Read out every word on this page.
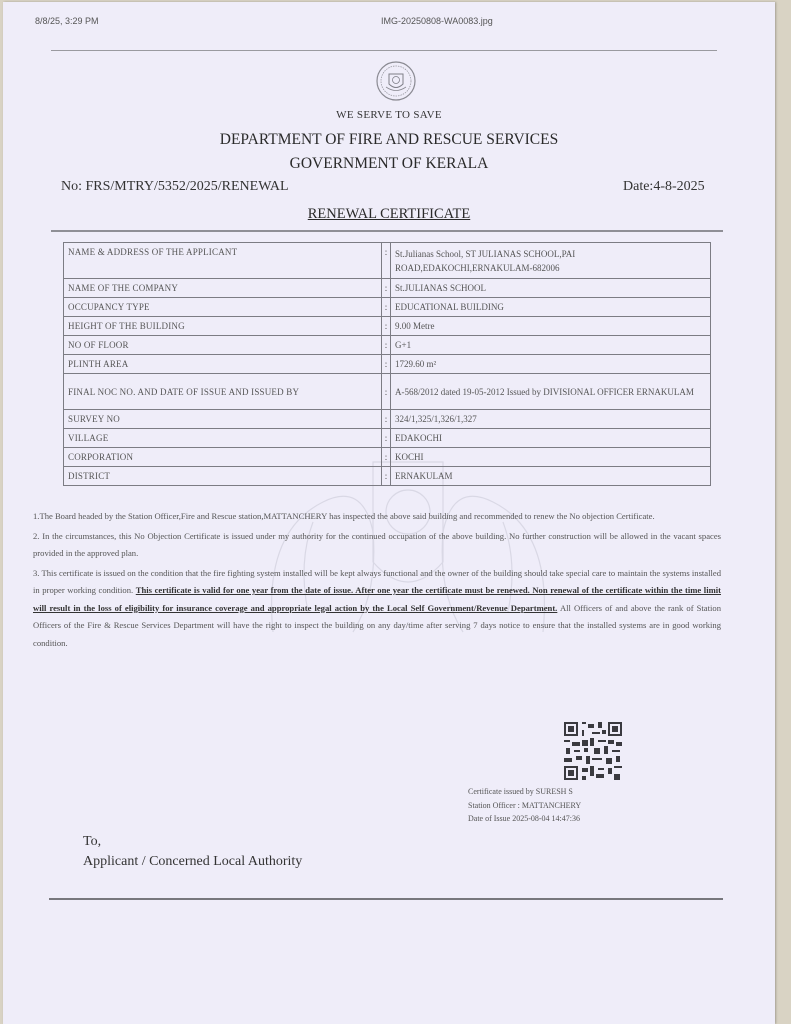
8/8/25, 3:29 PM	IMG-20250808-WA0083.jpg
WE SERVE TO SAVE
DEPARTMENT OF FIRE AND RESCUE SERVICES
GOVERNMENT OF KERALA
No: FRS/MTRY/5352/2025/RENEWAL	Date:4-8-2025
RENEWAL CERTIFICATE
NAME & ADDRESS OF THE APPLICANT	:	St.Julianas School, ST JULIANAS SCHOOL,PAI ROAD,EDAKOCHI,ERNAKULAM-682006
NAME OF THE COMPANY	:	St.JULIANAS SCHOOL
OCCUPANCY TYPE	:	EDUCATIONAL BUILDING
HEIGHT OF THE BUILDING	:	9.00 Metre
NO OF FLOOR	:	G+1
PLINTH AREA	:	1729.60 m²
FINAL NOC NO. AND DATE OF ISSUE AND ISSUED BY	:	A-568/2012 dated 19-05-2012 Issued by DIVISIONAL OFFICER ERNAKULAM
SURVEY NO	:	324/1,325/1,326/1,327
VILLAGE	:	EDAKOCHI
CORPORATION	:	KOCHI
DISTRICT	:	ERNAKULAM

1.The Board headed by the Station Officer,Fire and Rescue station,MATTANCHERY has inspected the above said building and recommended to renew the No objection Certificate.

2. In the circumstances, this No Objection Certificate is issued under my authority for the continued occupation of the above building. No further construction will be allowed in the vacant spaces provided in the approved plan.

3. This certificate is issued on the condition that the fire fighting system installed will be kept always functional and the owner of the building should take special care to maintain the systems installed in proper working condition. This certificate is valid for one year from the date of issue. After one year the certificate must be renewed. Non renewal of the certificate within the time limit will result in the loss of eligibility for insurance coverage and appropriate legal action by the Local Self Government/Revenue Department. All Officers of and above the rank of Station Officers of the Fire & Rescue Services Department will have the right to inspect the building on any day/time after serving 7 days notice to ensure that the installed systems are in good working condition.

Certificate issued by SURESH S
Station Officer : MATTANCHERY
Date of Issue 2025-08-04 14:47:36
To,
Applicant / Concerned Local Authority
